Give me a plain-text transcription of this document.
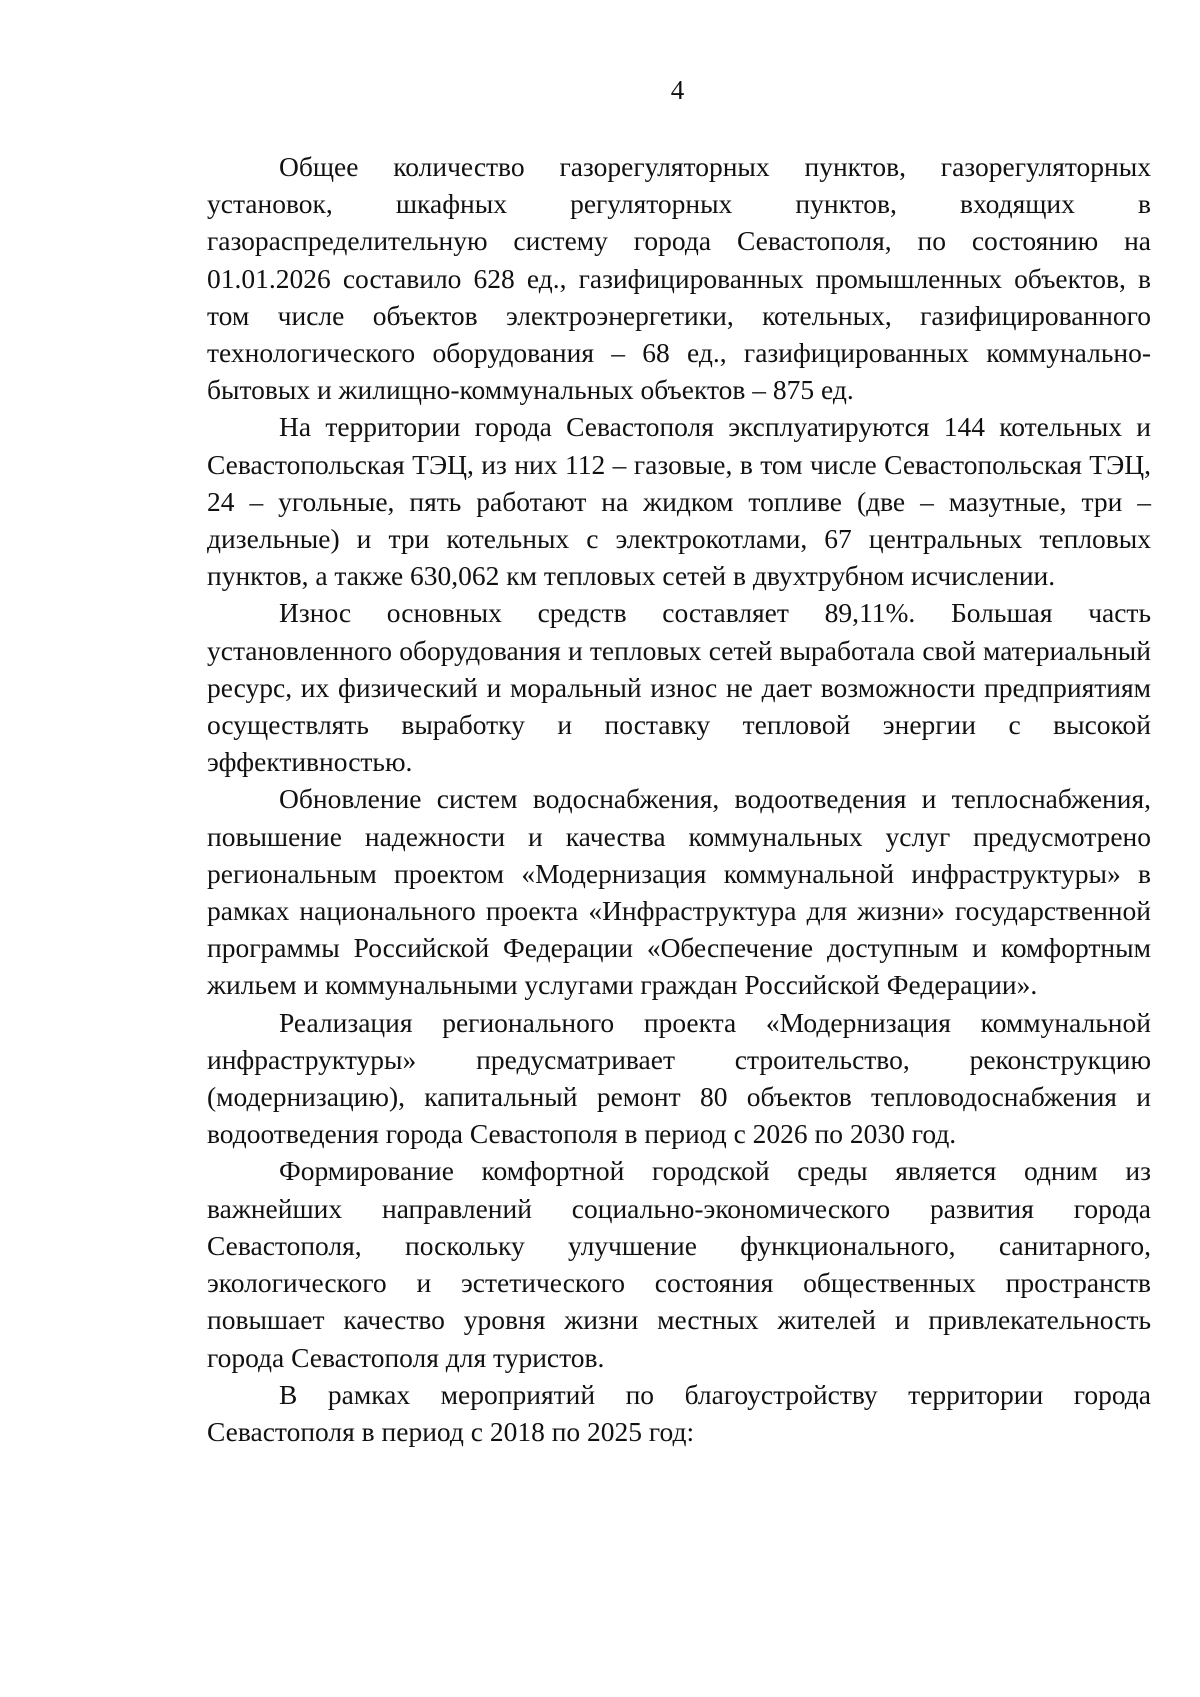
4

Общее количество газорегуляторных пунктов, газорегуляторных установок, шкафных регуляторных пунктов, входящих в газораспределительную систему города Севастополя, по состоянию на 01.01.2026 составило 628 ед., газифицированных промышленных объектов, в том числе объектов электроэнергетики, котельных, газифицированного технологического оборудования – 68 ед., газифицированных коммунально-бытовых и жилищно-коммунальных объектов – 875 ед.

На территории города Севастополя эксплуатируются 144 котельных и Севастопольская ТЭЦ, из них 112 – газовые, в том числе Севастопольская ТЭЦ, 24 – угольные, пять работают на жидком топливе (две – мазутные, три – дизельные) и три котельных с электрокотлами, 67 центральных тепловых пунктов, а также 630,062 км тепловых сетей в двухтрубном исчислении.

Износ основных средств составляет 89,11%. Большая часть установленного оборудования и тепловых сетей выработала свой материальный ресурс, их физический и моральный износ не дает возможности предприятиям осуществлять выработку и поставку тепловой энергии с высокой эффективностью.

Обновление систем водоснабжения, водоотведения и теплоснабжения, повышение надежности и качества коммунальных услуг предусмотрено региональным проектом «Модернизация коммунальной инфраструктуры» в рамках национального проекта «Инфраструктура для жизни» государственной программы Российской Федерации «Обеспечение доступным и комфортным жильем и коммунальными услугами граждан Российской Федерации».

Реализация регионального проекта «Модернизация коммунальной инфраструктуры» предусматривает строительство, реконструкцию (модернизацию), капитальный ремонт 80 объектов тепловодоснабжения и водоотведения города Севастополя в период с 2026 по 2030 год.

Формирование комфортной городской среды является одним из важнейших направлений социально-экономического развития города Севастополя, поскольку улучшение функционального, санитарного, экологического и эстетического состояния общественных пространств повышает качество уровня жизни местных жителей и привлекательность города Севастополя для туристов.

В рамках мероприятий по благоустройству территории города Севастополя в период с 2018 по 2025 год:
